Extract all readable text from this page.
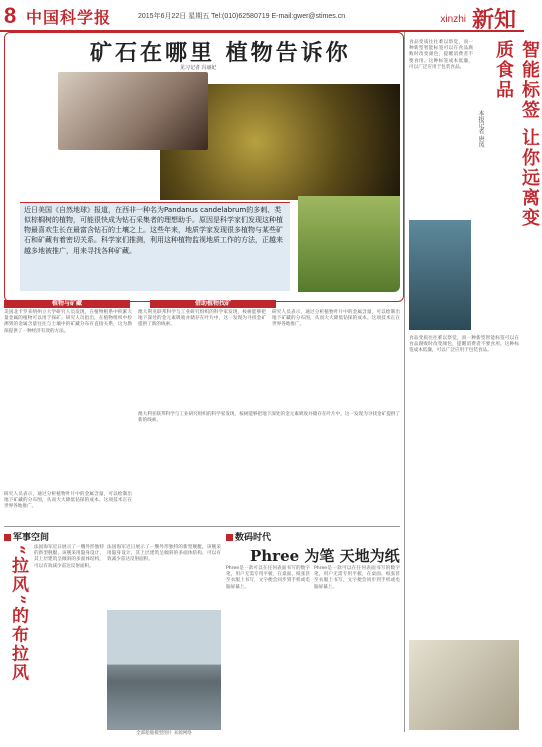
8 中国科学报	2015年6月22日 星期五 Tel:(010)62580719 E-mail:gwer@stimes.cn	xinzhi 新知
矿石在哪里 植物告诉你
见习记者 冯丽妃
近日美国《自然地球》报道，在西非一种名为Pandanus candelabrum的多刺、类似棕榈树的植物，可能很快成为钻石采集者的理想助手。原因是科学家们发现这种植物最喜欢生长在最富含钻石的土壤之上。这些年来，地质学家发现很多植物与某些矿石和矿藏有着密切关系。科学家们推测，利用这种植物监视地质工作的方法，正越来越多地被推广，用来寻找各种矿藏。
植物与矿藏	借助植物找矿
美国北卡罗来纳州立大学研究人员发现，在植物根系中积累大量金属的植物可以用于探矿。研究人员指出，在植物组织中检测到的金属含量往往与土壤中的矿藏分布有直接关系，这为勘探提供了一种经济有效的方法。
澳大利亚联邦科学与工业研究组织的科学家发现，桉树能够把地下深处的金元素吸收并储存在叶片中，这一发现为寻找金矿提供了新的线索。
研究人员表示，通过分析植物叶片中的金属含量，可以绘制出地下矿藏的分布图，从而大大降低钻探的成本。这项技术正在世界各地推广。
澳大利亚联邦科学与工业研究组织的科学家发现，桉树能够把地下深处的金元素吸收并储存在叶片中，这一发现为寻找金矿提供了新的线索。
研究人员表示，通过分析植物叶片中的金属含量，可以绘制出地下矿藏的分布图，从而大大降低钻探的成本。这项技术正在世界各地推广。
智能标签 让你远离变质食品
本报记者 唐凤
食品变质往往难以察觉，而一种新型智能标签可以在食品腐败时改变颜色，提醒消费者不要食用。这种标签成本低廉，可以广泛应用于包装食品。
食品变质往往难以察觉，而一种新型智能标签可以在食品腐败时改变颜色，提醒消费者不要食用。这种标签成本低廉，可以广泛应用于包装食品。
军事空间
“拉风”的布拉风	法国海军近日展示了一艘外形独特的新型舰艇，该舰采用隐身设计，其上层建筑呈倾斜的多面体结构，可以有效减少雷达反射面积。
法国海军近日展示了一艘外形独特的新型舰艇，该舰采用隐身设计，其上层建筑呈倾斜的多面体结构，可以有效减少雷达反射面积。
全部船舶模型图片 来源网络
数码时代
Phree 为笔 天地为纸
Phree是一款可以在任何表面书写的数字笔，用户无需专用平板，在桌面、纸张甚至衣服上书写，文字便会同步到手机或电脑屏幕上。
Phree是一款可以在任何表面书写的数字笔，用户无需专用平板，在桌面、纸张甚至衣服上书写，文字便会同步到手机或电脑屏幕上。
